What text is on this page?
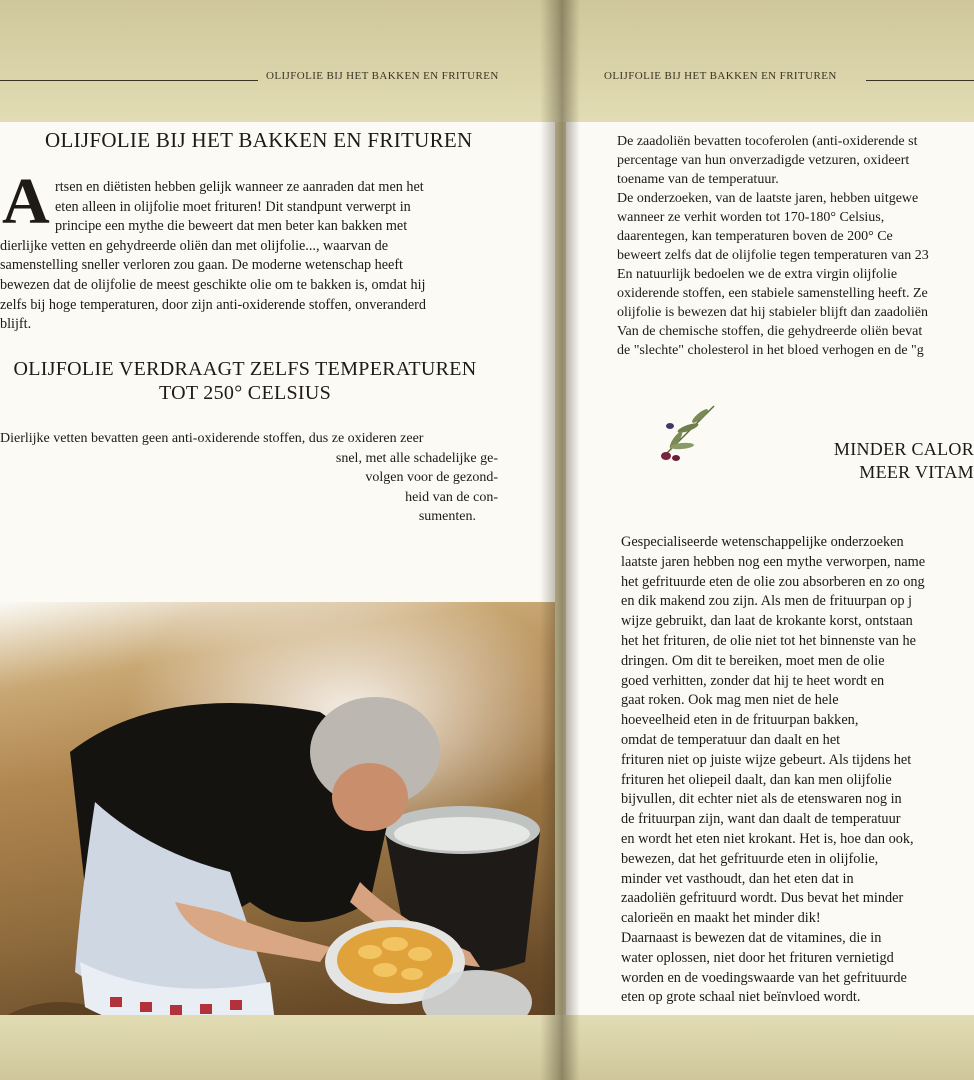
OLIJFOLIE BIJ HET BAKKEN EN FRITUREN	OLIJFOLIE BIJ HET BAKKEN EN FRITUREN
OLIJFOLIE BIJ HET BAKKEN EN FRITUREN
A rtsen en diëtisten hebben gelijk wanneer ze aanraden dat men het
eten alleen in olijfolie moet frituren! Dit standpunt verwerpt in
principe een mythe die beweert dat men beter kan bakken met
dierlijke vetten en gehydreerde oliën dan met olijfolie..., waarvan de
samenstelling sneller verloren zou gaan. De moderne wetenschap heeft
bewezen dat de olijfolie de meest geschikte olie om te bakken is, omdat hij
zelfs bij hoge temperaturen, door zijn anti-oxiderende stoffen, onveranderd
blijft.
OLIJFOLIE VERDRAAGT ZELFS TEMPERATUREN
TOT 250° CELSIUS
Dierlijke vetten bevatten geen anti-oxiderende stoffen, dus ze oxideren zeer
snel, met alle schadelijke ge-
volgen voor de gezond-
heid van de con-
sumenten.
De zaadoliën bevatten tocoferolen (anti-oxiderende st
percentage van hun onverzadigde vetzuren, oxideert
toename van de temperatuur.
De onderzoeken, van de laatste jaren, hebben uitgewe
wanneer ze verhit worden tot 170-180° Celsius,
daarentegen, kan temperaturen boven de 200° Ce
beweert zelfs dat de olijfolie tegen temperaturen van 23
En natuurlijk bedoelen we de extra virgin olijfolie
oxiderende stoffen, een stabiele samenstelling heeft. Ze
olijfolie is bewezen dat hij stabieler blijft dan zaadoliën
Van de chemische stoffen, die gehydreerde oliën bevat
de "slechte" cholesterol in het bloed verhogen en de "g
MINDER CALOR
MEER VITAM
Gespecialiseerde wetenschappelijke onderzoeken
laatste jaren hebben nog een mythe verworpen, name
het gefrituurde eten de olie zou absorberen en zo ong
en dik makend zou zijn. Als men de frituurpan op j
wijze gebruikt, dan laat de krokante korst, ontstaan
het het frituren, de olie niet tot het binnenste van he
dringen. Om dit te bereiken, moet men de olie
goed verhitten, zonder dat hij te heet wordt en
gaat roken. Ook mag men niet de hele
hoeveelheid eten in de frituurpan bakken,
omdat de temperatuur dan daalt en het
frituren niet op juiste wijze gebeurt. Als tijdens het
frituren het oliepeil daalt, dan kan men olijfolie
bijvullen, dit echter niet als de etenswaren nog in
de frituurpan zijn, want dan daalt de temperatuur
en wordt het eten niet krokant. Het is, hoe dan ook,
bewezen, dat het gefrituurde eten in olijfolie,
minder vet vasthoudt, dan het eten dat in
zaadoliën gefrituurd wordt. Dus bevat het minder
calorieën en maakt het minder dik!
Daarnaast is bewezen dat de vitamines, die in
water oplossen, niet door het frituren vernietigd
worden en de voedingswaarde van het gefrituurde
eten op grote schaal niet beïnvloed wordt.
